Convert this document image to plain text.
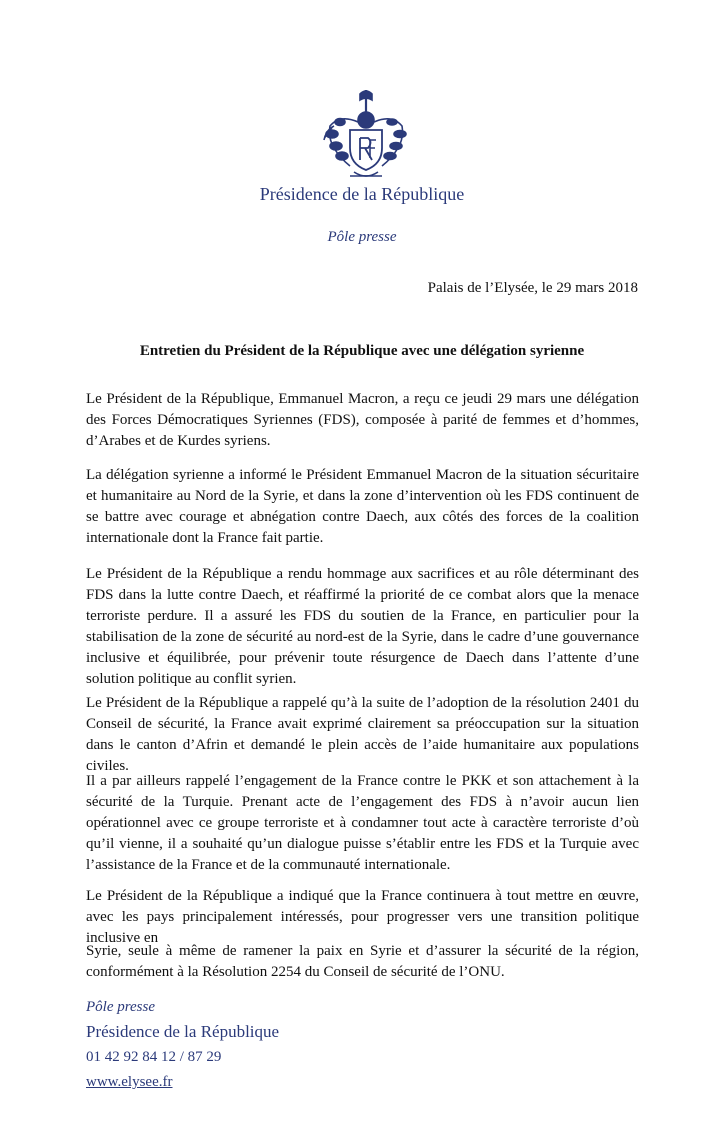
Présidence de la République
Pôle presse
Palais de l’Elysée, le 29 mars 2018
Entretien du Président de la République avec une délégation syrienne

Le Président de la République, Emmanuel Macron, a reçu ce jeudi 29 mars une délégation des Forces Démocratiques Syriennes (FDS), composée à parité de femmes et d’hommes, d’Arabes et de Kurdes syriens.

La délégation syrienne a informé le Président Emmanuel Macron de la situation sécuritaire et humanitaire au Nord de la Syrie, et dans la zone d’intervention où les FDS continuent de se battre avec courage et abnégation contre Daech, aux côtés des forces de la coalition internationale dont la France fait partie.

Le Président de la République a rendu hommage aux sacrifices et au rôle déterminant des FDS dans la lutte contre Daech, et réaffirmé la priorité de ce combat alors que la menace terroriste perdure. Il a assuré les FDS du soutien de la France, en particulier pour la stabilisation de la zone de sécurité au nord-est de la Syrie, dans le cadre d’une gouvernance inclusive et équilibrée, pour prévenir toute résurgence de Daech dans l’attente d’une solution politique au conflit syrien.

Le Président de la République a rappelé qu’à la suite de l’adoption de la résolution 2401 du Conseil de sécurité, la France avait exprimé clairement sa préoccupation sur la situation dans le canton d’Afrin et demandé le plein accès de l’aide humanitaire aux populations civiles.

Il a par ailleurs rappelé l’engagement de la France contre le PKK et son attachement à la sécurité de la Turquie. Prenant acte de l’engagement des FDS à n’avoir aucun lien opérationnel avec ce groupe terroriste et à condamner tout acte à caractère terroriste d’où qu’il vienne, il a souhaité qu’un dialogue puisse s’établir entre les FDS et la Turquie avec l’assistance de la France et de la communauté internationale.

Le Président de la République a indiqué que la France continuera à tout mettre en œuvre, avec les pays principalement intéressés, pour progresser vers une transition politique inclusive en

Syrie, seule à même de ramener la paix en Syrie et d’assurer la sécurité de la région, conformément à la Résolution 2254 du Conseil de sécurité de l’ONU.

Pôle presse
Présidence de la République
01 42 92 84 12 / 87 29
www.elysee.fr
